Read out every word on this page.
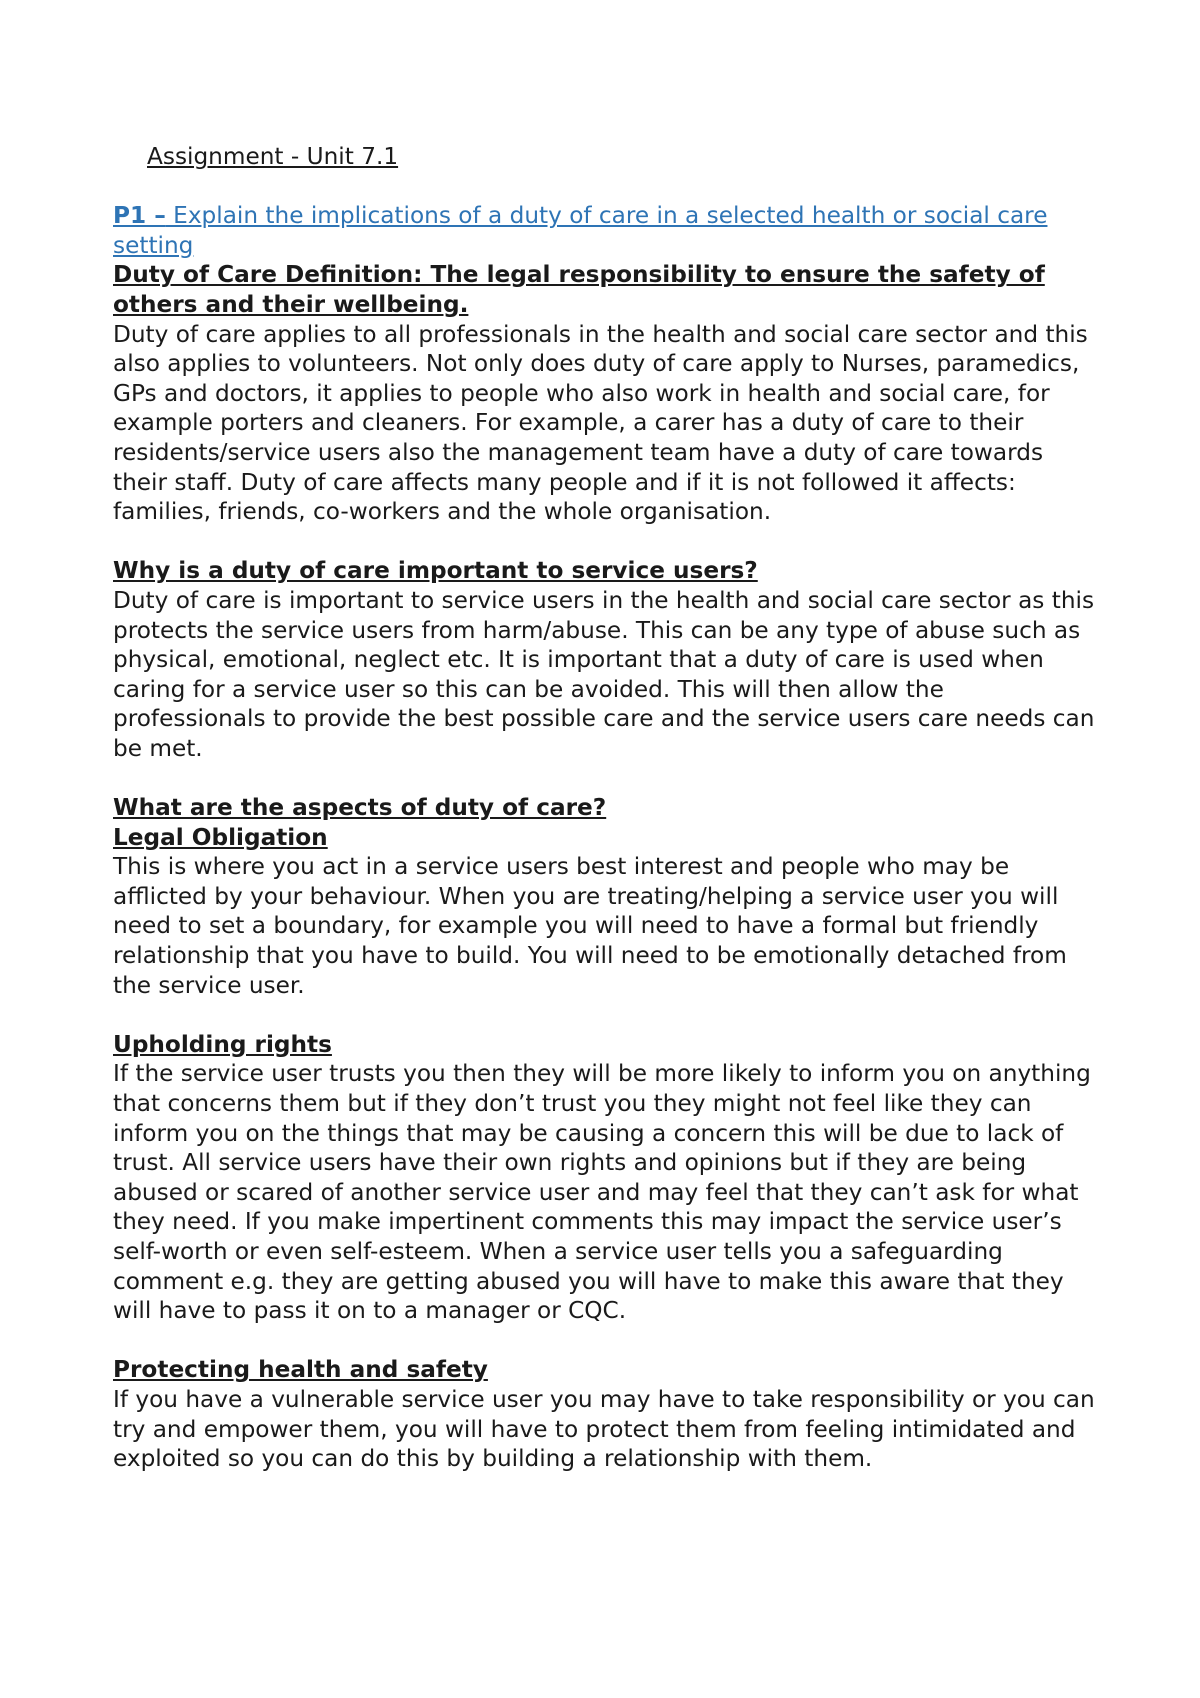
Assignment - Unit 7.1

P1 – Explain the implications of a duty of care in a selected health or social care setting

Duty of Care Definition: The legal responsibility to ensure the safety of others and their wellbeing.

Duty of care applies to all professionals in the health and social care sector and this also applies to volunteers. Not only does duty of care apply to Nurses, paramedics, GPs and doctors, it applies to people who also work in health and social care, for example porters and cleaners. For example, a carer has a duty of care to their residents/service users also the management team have a duty of care towards their staff. Duty of care affects many people and if it is not followed it affects: families, friends, co-workers and the whole organisation.

Why is a duty of care important to service users?

Duty of care is important to service users in the health and social care sector as this protects the service users from harm/abuse. This can be any type of abuse such as physical, emotional, neglect etc. It is important that a duty of care is used when caring for a service user so this can be avoided. This will then allow the professionals to provide the best possible care and the service users care needs can be met.

What are the aspects of duty of care?
Legal Obligation

This is where you act in a service users best interest and people who may be afflicted by your behaviour. When you are treating/helping a service user you will need to set a boundary, for example you will need to have a formal but friendly relationship that you have to build. You will need to be emotionally detached from the service user.

Upholding rights

If the service user trusts you then they will be more likely to inform you on anything that concerns them but if they don’t trust you they might not feel like they can inform you on the things that may be causing a concern this will be due to lack of trust. All service users have their own rights and opinions but if they are being abused or scared of another service user and may feel that they can’t ask for what they need. If you make impertinent comments this may impact the service user’s self-worth or even self-esteem. When a service user tells you a safeguarding comment e.g. they are getting abused you will have to make this aware that they will have to pass it on to a manager or CQC.

Protecting health and safety

If you have a vulnerable service user you may have to take responsibility or you can try and empower them, you will have to protect them from feeling intimidated and exploited so you can do this by building a relationship with them.
